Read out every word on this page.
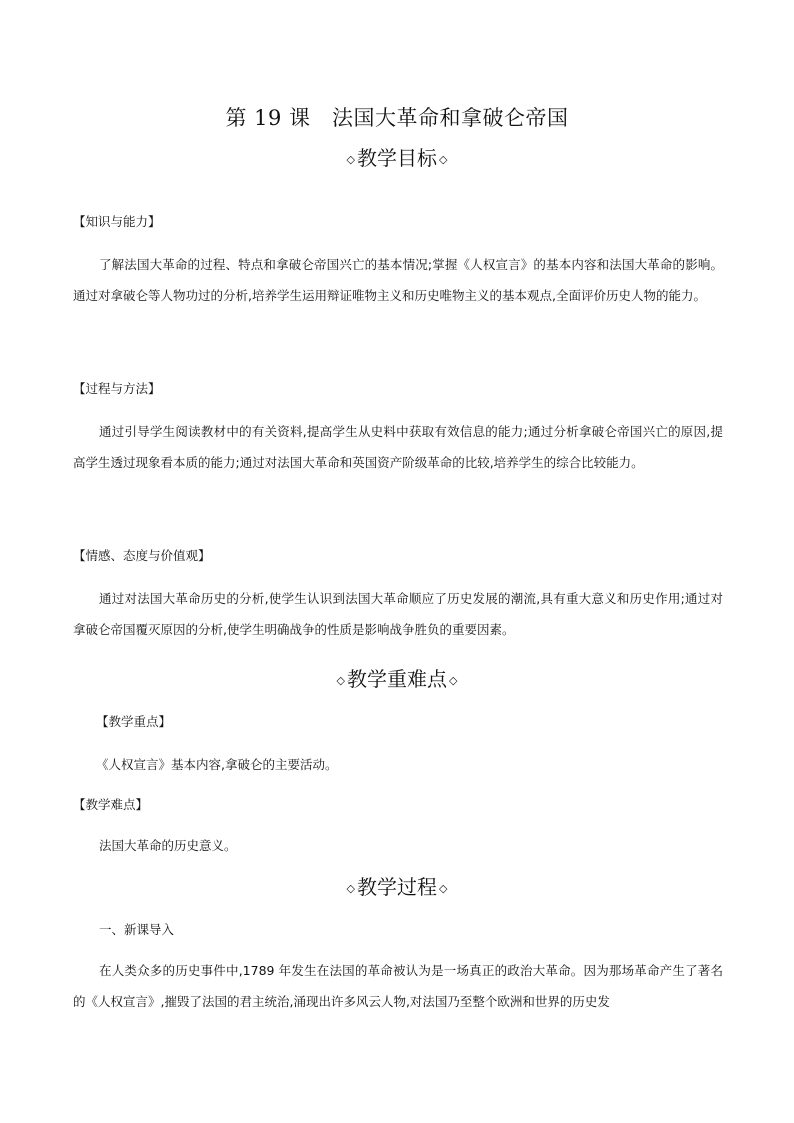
第 19 课　法国大革命和拿破仑帝国
◇ 教学目标 ◇

【知识与能力】

了解法国大革命的过程、特点和拿破仑帝国兴亡的基本情况;掌握《人权宣言》的基本内容和法国大革命的影响。通过对拿破仑等人物功过的分析,培养学生运用辩证唯物主义和历史唯物主义的基本观点,全面评价历史人物的能力。

【过程与方法】

通过引导学生阅读教材中的有关资料,提高学生从史料中获取有效信息的能力;通过分析拿破仑帝国兴亡的原因,提高学生透过现象看本质的能力;通过对法国大革命和英国资产阶级革命的比较,培养学生的综合比较能力。

【情感、态度与价值观】

通过对法国大革命历史的分析,使学生认识到法国大革命顺应了历史发展的潮流,具有重大意义和历史作用;通过对拿破仑帝国覆灭原因的分析,使学生明确战争的性质是影响战争胜负的重要因素。

◇ 教学重难点 ◇

【教学重点】

《人权宣言》基本内容,拿破仑的主要活动。

【教学难点】

法国大革命的历史意义。

◇ 教学过程 ◇

一、新课导入

在人类众多的历史事件中,1789 年发生在法国的革命被认为是一场真正的政治大革命。因为那场革命产生了著名的《人权宣言》,摧毁了法国的君主统治,涌现出许多风云人物,对法国乃至整个欧洲和世界的历史发
